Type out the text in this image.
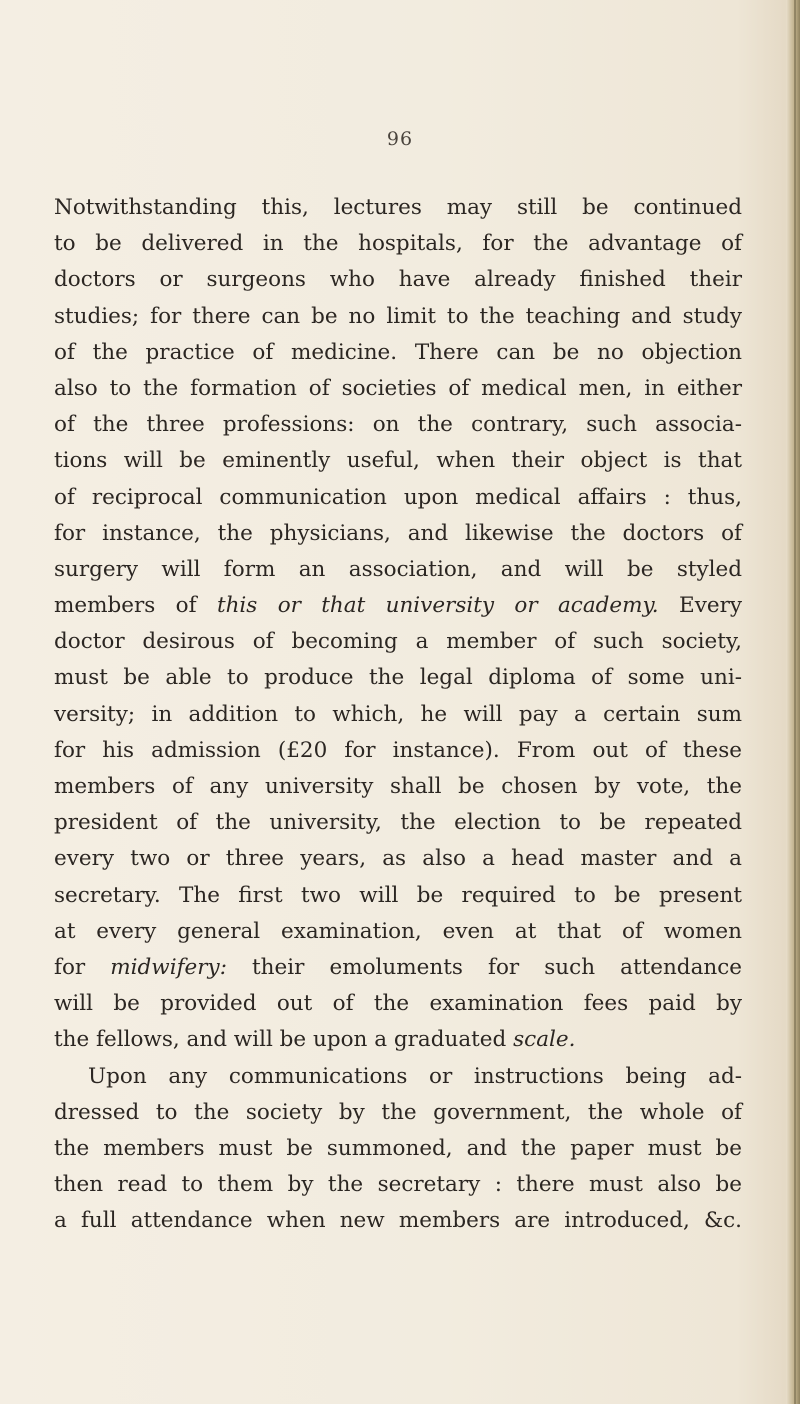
96
Notwithstanding this, lectures may still be continued
to be delivered in the hospitals, for the advantage of
doctors or surgeons who have already finished their
studies; for there can be no limit to the teaching and study
of the practice of medicine. There can be no objection
also to the formation of societies of medical men, in either
of the three professions: on the contrary, such associa-
tions will be eminently useful, when their object is that
of reciprocal communication upon medical affairs : thus,
for instance, the physicians, and likewise the doctors of
surgery will form an association, and will be styled
members of this or that university or academy. Every
doctor desirous of becoming a member of such society,
must be able to produce the legal diploma of some uni-
versity; in addition to which, he will pay a certain sum
for his admission (£20 for instance). From out of these
members of any university shall be chosen by vote, the
president of the university, the election to be repeated
every two or three years, as also a head master and a
secretary. The first two will be required to be present
at every general examination, even at that of women
for midwifery: their emoluments for such attendance
will be provided out of the examination fees paid by
the fellows, and will be upon a graduated scale.
Upon any communications or instructions being ad-
dressed to the society by the government, the whole of
the members must be summoned, and the paper must be
then read to them by the secretary : there must also be
a full attendance when new members are introduced, &c.
